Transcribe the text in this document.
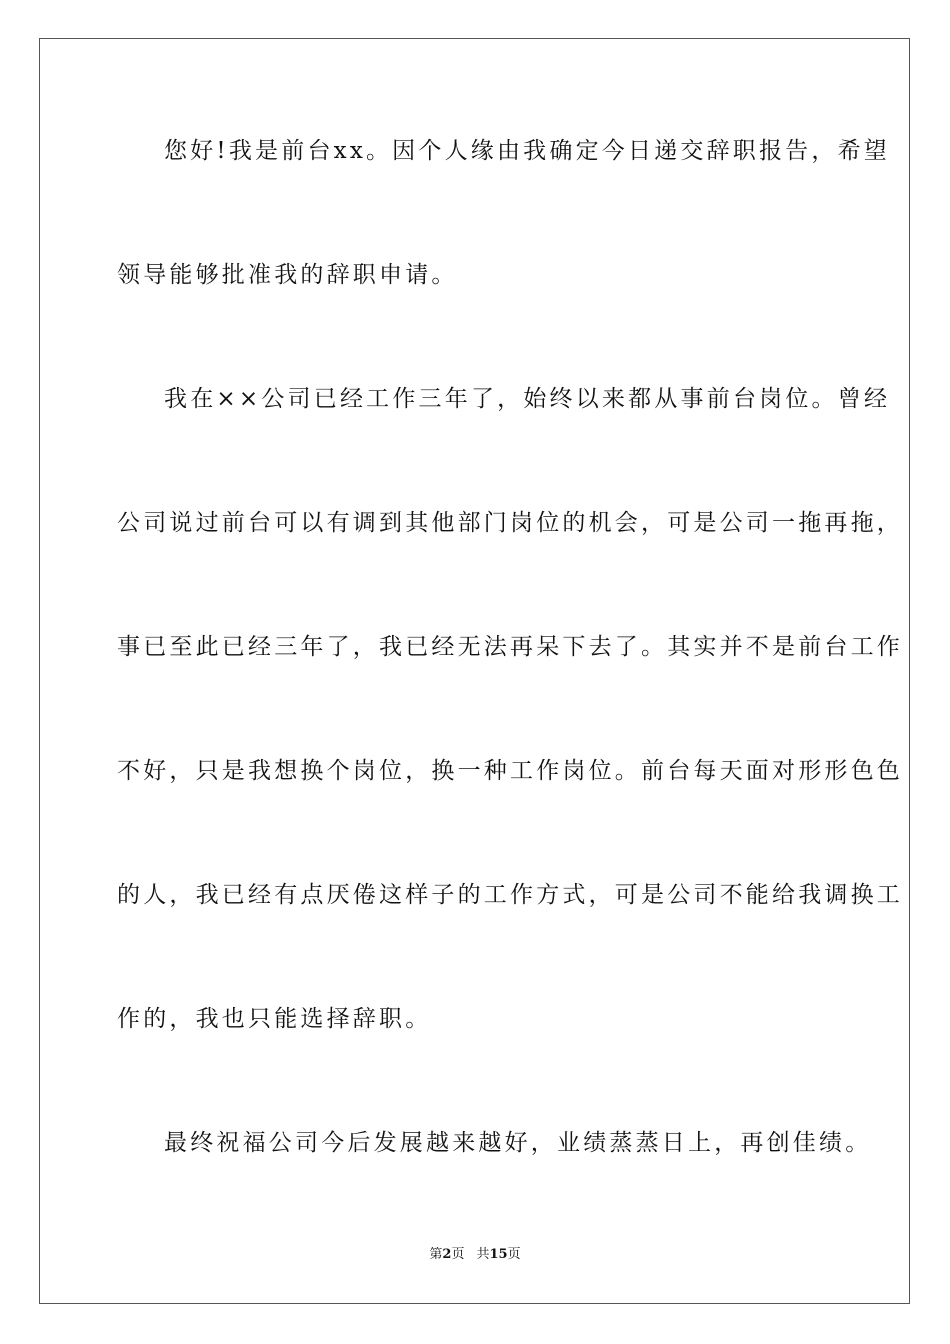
您好!我是前台xx。因个人缘由我确定今日递交辞职报告，希望
领导能够批准我的辞职申请。
我在××公司已经工作三年了，始终以来都从事前台岗位。曾经
公司说过前台可以有调到其他部门岗位的机会，可是公司一拖再拖，
事已至此已经三年了，我已经无法再呆下去了。其实并不是前台工作
不好，只是我想换个岗位，换一种工作岗位。前台每天面对形形色色
的人，我已经有点厌倦这样子的工作方式，可是公司不能给我调换工
作的，我也只能选择辞职。
最终祝福公司今后发展越来越好，业绩蒸蒸日上，再创佳绩。
第2页 共15页
